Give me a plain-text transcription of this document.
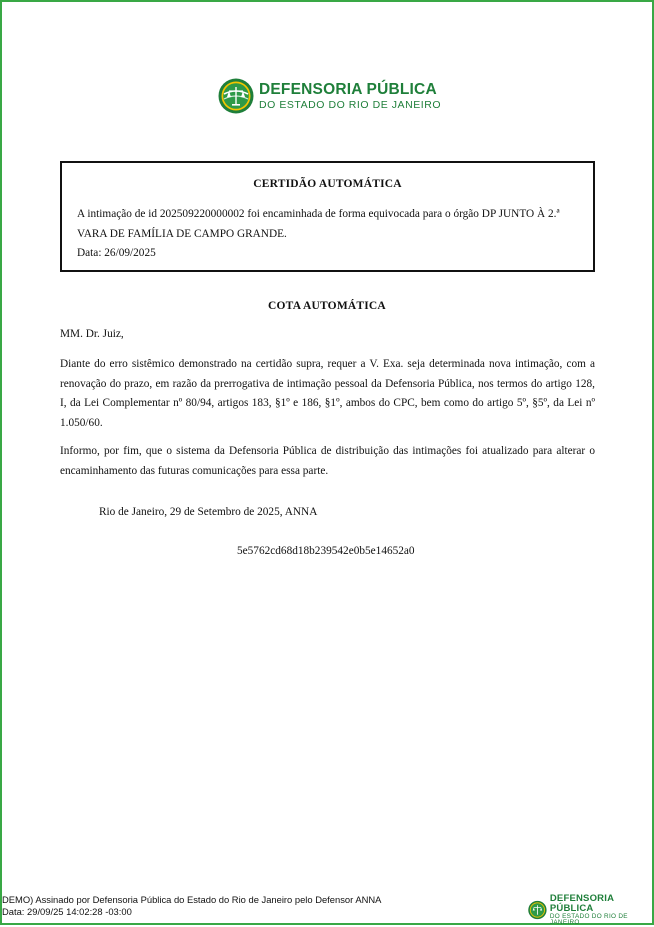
DEFENSORIA PÚBLICA
DO ESTADO DO RIO DE JANEIRO
CERTIDÃO AUTOMÁTICA
A intimação de id 202509220000002 foi encaminhada de forma equivocada para o órgão DP JUNTO À 2.ª
VARA DE FAMÍLIA DE CAMPO GRANDE.
Data: 26/09/2025
COTA AUTOMÁTICA
MM. Dr. Juiz,
Diante do erro sistêmico demonstrado na certidão supra, requer a V. Exa. seja determinada nova intimação, com a renovação do prazo, em razão da prerrogativa de intimação pessoal da Defensoria Pública, nos termos do artigo 128, I, da Lei Complementar nº 80/94, artigos 183, §1º e 186, §1º, ambos do CPC, bem como do artigo 5º, §5º, da Lei nº 1.050/60.
Informo, por fim, que o sistema da Defensoria Pública de distribuição das intimações foi atualizado para alterar o encaminhamento das futuras comunicações para essa parte.
Rio de Janeiro, 29 de Setembro de 2025, ANNA
5e5762cd68d18b239542e0b5e14652a0
DEMO) Assinado por Defensoria Pública do Estado do Rio de Janeiro pelo Defensor ANNA
Data: 29/09/25 14:02:28 -03:00
DEFENSORIA PÚBLICA
DO ESTADO DO RIO DE JANEIRO
